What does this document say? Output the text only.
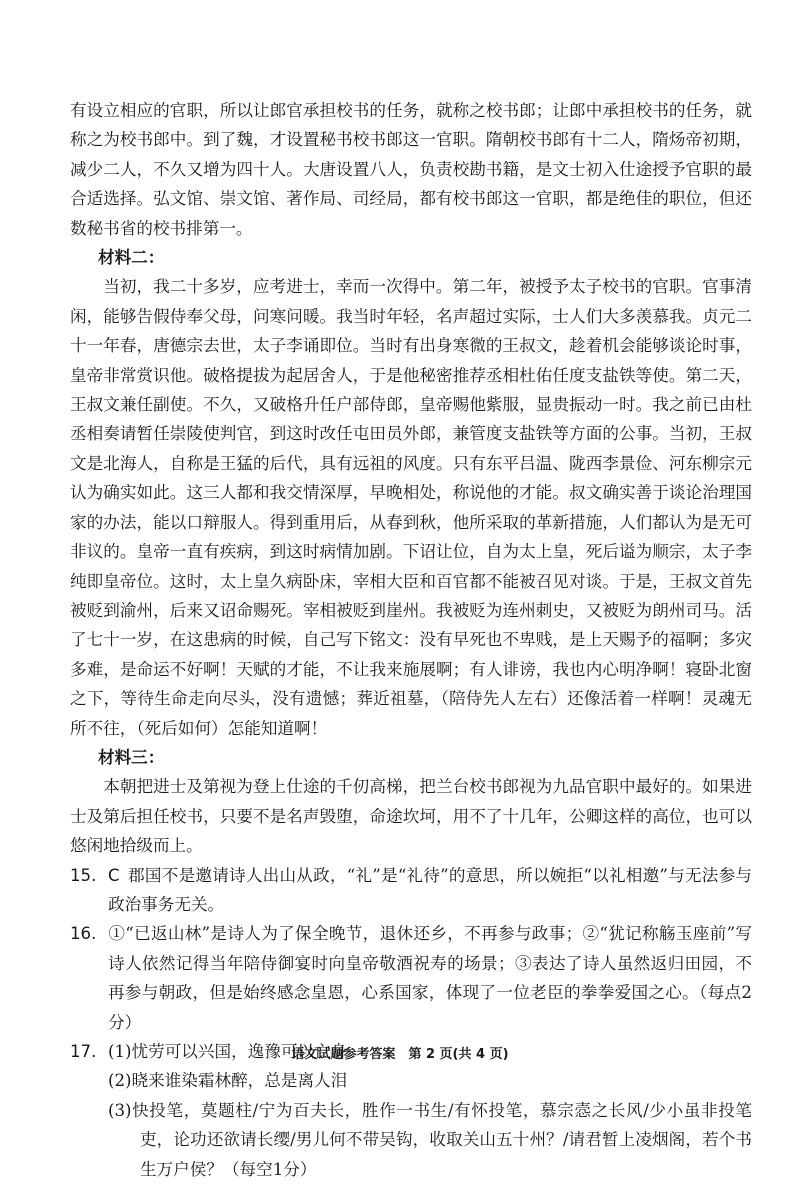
有设立相应的官职，所以让郎官承担校书的任务，就称之校书郎；让郎中承担校书的任务，就称之为校书郎中。到了魏，才设置秘书校书郎这一官职。隋朝校书郎有十二人，隋炀帝初期，减少二人，不久又增为四十人。大唐设置八人，负责校勘书籍，是文士初入仕途授予官职的最合适选择。弘文馆、崇文馆、著作局、司经局，都有校书郎这一官职，都是绝佳的职位，但还数秘书省的校书排第一。

材料二：

当初，我二十多岁，应考进士，幸而一次得中。第二年，被授予太子校书的官职。官事清闲，能够告假侍奉父母，问寒问暖。我当时年轻，名声超过实际，士人们大多羡慕我。贞元二十一年春，唐德宗去世，太子李诵即位。当时有出身寒微的王叔文，趁着机会能够谈论时事，皇帝非常赏识他。破格提拔为起居舍人，于是他秘密推荐丞相杜佑任度支盐铁等使。第二天，王叔文兼任副使。不久，又破格升任户部侍郎，皇帝赐他紫服，显贵振动一时。我之前已由杜丞相奏请暂任崇陵使判官，到这时改任屯田员外郎，兼管度支盐铁等方面的公事。当初，王叔文是北海人，自称是王猛的后代，具有远祖的风度。只有东平吕温、陇西李景俭、河东柳宗元认为确实如此。这三人都和我交情深厚，早晚相处，称说他的才能。叔文确实善于谈论治理国家的办法，能以口辩服人。得到重用后，从春到秋，他所采取的革新措施，人们都认为是无可非议的。皇帝一直有疾病，到这时病情加剧。下诏让位，自为太上皇，死后谥为顺宗，太子李纯即皇帝位。这时，太上皇久病卧床，宰相大臣和百官都不能被召见对谈。于是，王叔文首先被贬到渝州，后来又诏命赐死。宰相被贬到崖州。我被贬为连州刺史，又被贬为朗州司马。活了七十一岁，在这患病的时候，自己写下铭文：没有早死也不卑贱，是上天赐予的福啊；多灾多难，是命运不好啊！天赋的才能，不让我来施展啊；有人诽谤，我也内心明净啊！寝卧北窗之下，等待生命走向尽头，没有遗憾；葬近祖墓，（陪侍先人左右）还像活着一样啊！灵魂无所不往，（死后如何）怎能知道啊！

材料三：

本朝把进士及第视为登上仕途的千仞高梯，把兰台校书郎视为九品官职中最好的。如果进士及第后担任校书，只要不是名声毁堕，命途坎坷，用不了十几年，公卿这样的高位，也可以悠闲地拾级而上。

15. C  郡国不是邀请诗人出山从政，“礼”是“礼待”的意思，所以婉拒“以礼相邀”与无法参与政治事务无关。

16. ①“已返山林”是诗人为了保全晚节，退休还乡，不再参与政事；②“犹记称觞玉座前”写诗人依然记得当年陪侍御宴时向皇帝敬酒祝寿的场景；③表达了诗人虽然返归田园，不再参与朝政，但是始终感念皇恩，心系国家，体现了一位老臣的拳拳爱国之心。（每点2分）

17. (1)忧劳可以兴国，逸豫可以亡身

(2)晓来谁染霜林醉，总是离人泪

(3)快投笔，莫题柱/宁为百夫长，胜作一书生/有怀投笔，慕宗悫之长风/少小虽非投笔吏，论功还欲请长缨/男儿何不带吴钩，收取关山五十州？/请君暂上凌烟阁，若个书生万户侯？（每空1分）

语文试题参考答案　第 2 页(共 4 页)
